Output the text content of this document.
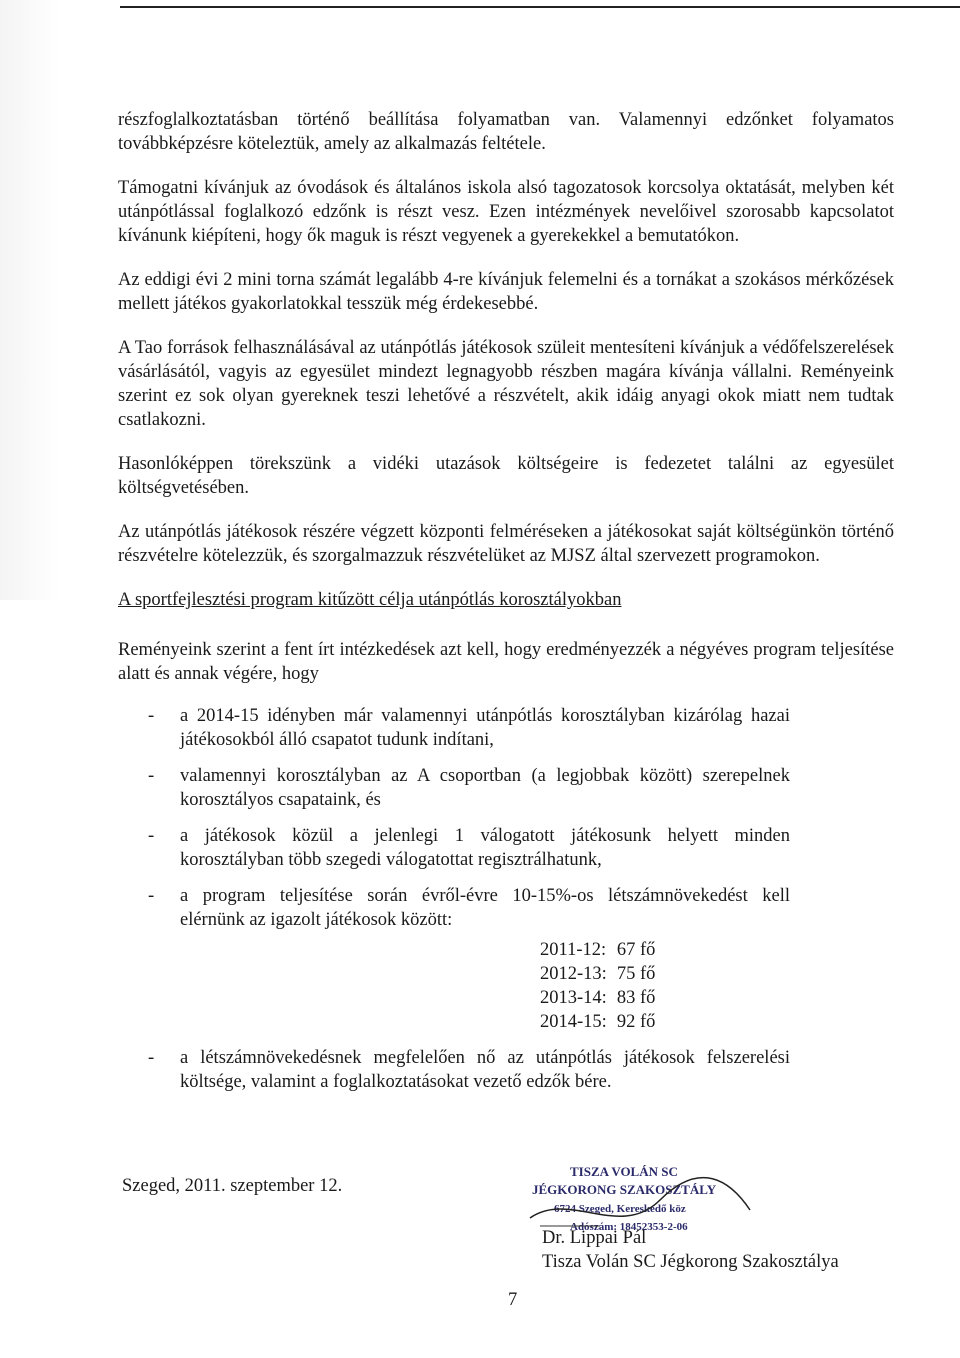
részfoglalkoztatásban történő beállítása folyamatban van. Valamennyi edzőnket folyamatos továbbképzésre köteleztük, amely az alkalmazás feltétele.

Támogatni kívánjuk az óvodások és általános iskola alsó tagozatosok korcsolya oktatását, melyben két utánpótlással foglalkozó edzőnk is részt vesz. Ezen intézmények nevelőivel szorosabb kapcsolatot kívánunk kiépíteni, hogy ők maguk is részt vegyenek a gyerekekkel a bemutatókon.

Az eddigi évi 2 mini torna számát legalább 4-re kívánjuk felemelni és a tornákat a szokásos mérkőzések mellett játékos gyakorlatokkal tesszük még érdekesebbé.

A Tao források felhasználásával az utánpótlás játékosok szüleit mentesíteni kívánjuk a védőfelszerelések vásárlásától, vagyis az egyesület mindezt legnagyobb részben magára kívánja vállalni. Reményeink szerint ez sok olyan gyereknek teszi lehetővé a részvételt, akik idáig anyagi okok miatt nem tudtak csatlakozni.

Hasonlóképpen törekszünk a vidéki utazások költségeire is fedezetet találni az egyesület költségvetésében.

Az utánpótlás játékosok részére végzett központi felméréseken a játékosokat saját költségünkön történő részvételre kötelezzük, és szorgalmazzuk részvételüket az MJSZ által szervezett programokon.

A sportfejlesztési program kitűzött célja utánpótlás korosztályokban

Reményeink szerint a fent írt intézkedések azt kell, hogy eredményezzék a négyéves program teljesítése alatt és annak végére, hogy

- a 2014-15 idényben már valamennyi utánpótlás korosztályban kizárólag hazai játékosokból álló csapatot tudunk indítani,
- valamennyi korosztályban az A csoportban (a legjobbak között) szerepelnek korosztályos csapataink, és
- a játékosok közül a jelenlegi 1 válogatott játékosunk helyett minden korosztályban több szegedi válogatottat regisztrálhatunk,
- a program teljesítése során évről-évre 10-15%-os létszámnövekedést kell elérnünk az igazolt játékosok között:
2011-12:	67 fő
2012-13:	75 fő
2013-14:	83 fő
2014-15:	92 fő
- a létszámnövekedésnek megfelelően nő az utánpótlás játékosok felszerelési költsége, valamint a foglalkoztatásokat vezető edzők bére.
Szeged, 2011. szeptember 12.
TISZA VOLÁN SC
JÉGKORONG SZAKOSZTÁLY
6724 Szeged, Kereskedő köz
Adószám: 18452353-2-06
Dr. Lippai Pál
Tisza Volán SC Jégkorong Szakosztálya
7
